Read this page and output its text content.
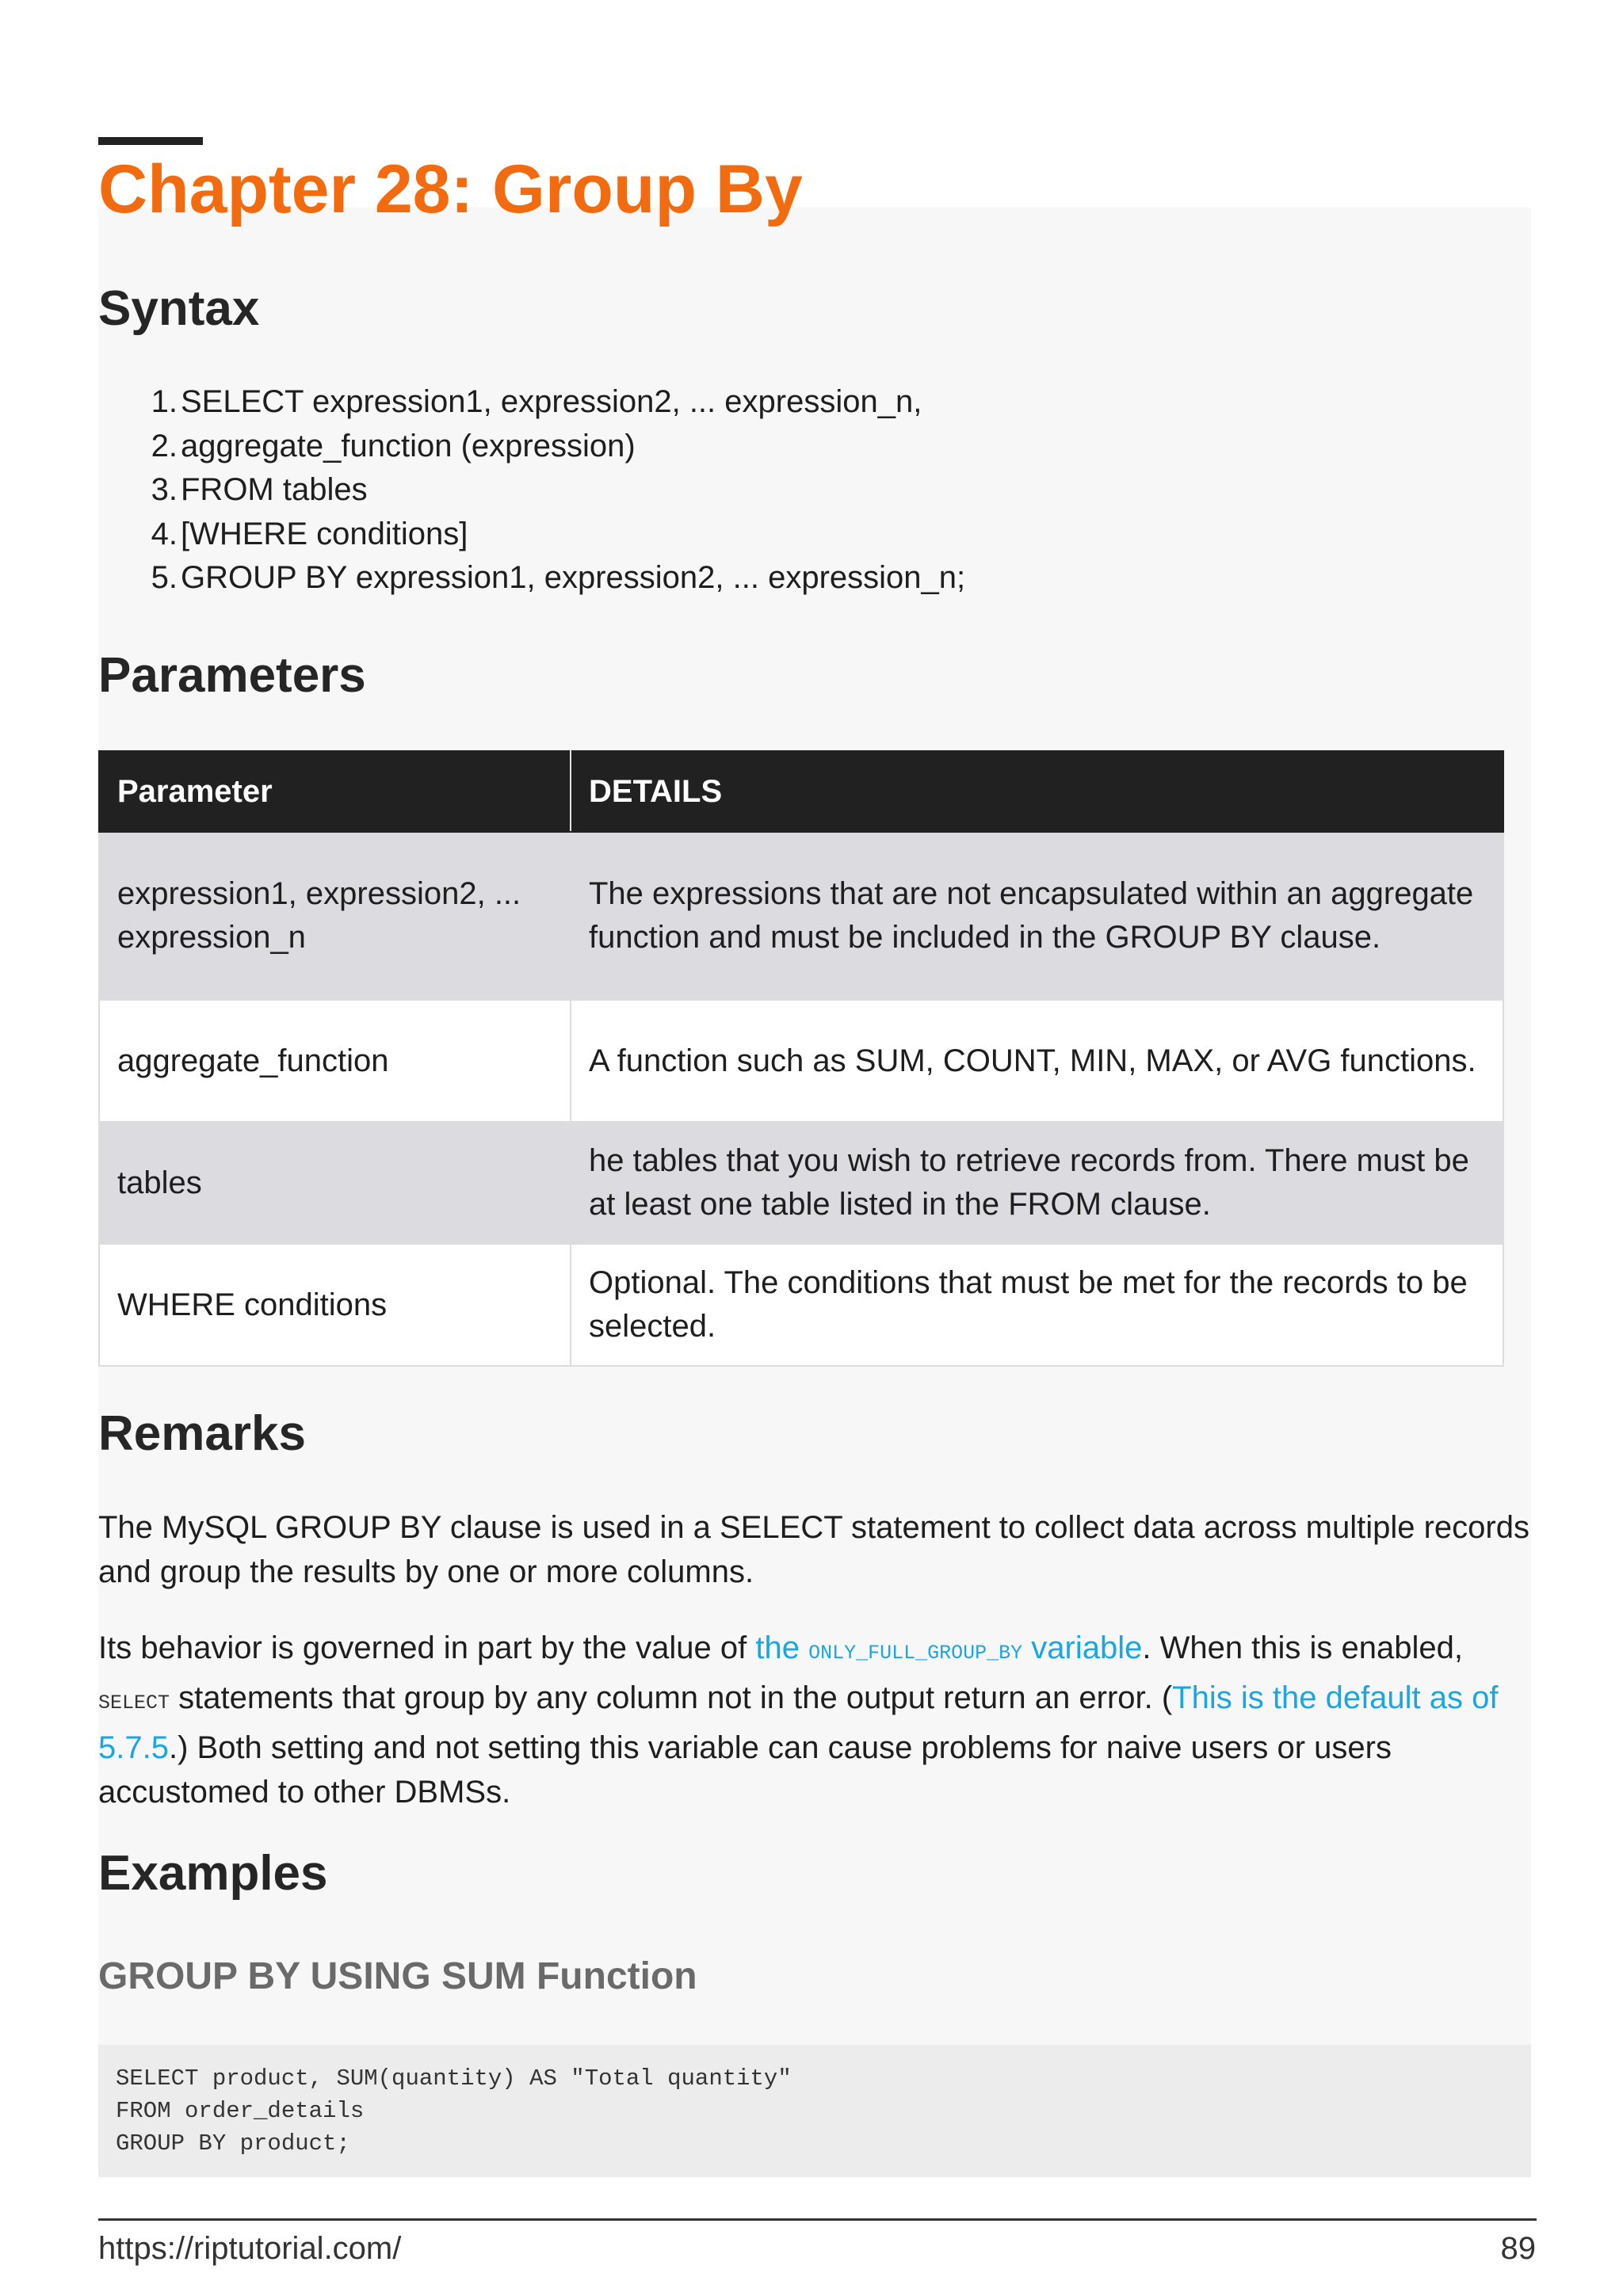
Chapter 28: Group By
Syntax
1. SELECT expression1, expression2, ... expression_n,
2. aggregate_function (expression)
3. FROM tables
4. [WHERE conditions]
5. GROUP BY expression1, expression2, ... expression_n;
Parameters
Parameter	DETAILS
expression1, expression2, ... expression_n	The expressions that are not encapsulated within an aggregate function and must be included in the GROUP BY clause.
aggregate_function	A function such as SUM, COUNT, MIN, MAX, or AVG functions.
tables	he tables that you wish to retrieve records from. There must be at least one table listed in the FROM clause.
WHERE conditions	Optional. The conditions that must be met for the records to be selected.
Remarks

The MySQL GROUP BY clause is used in a SELECT statement to collect data across multiple records and group the results by one or more columns.

Its behavior is governed in part by the value of the ONLY_FULL_GROUP_BY variable. When this is enabled, SELECT statements that group by any column not in the output return an error. (This is the default as of 5.7.5.) Both setting and not setting this variable can cause problems for naive users or users accustomed to other DBMSs.

Examples
GROUP BY USING SUM Function
SELECT product, SUM(quantity) AS "Total quantity"
FROM order_details
GROUP BY product;
https://riptutorial.com/	89
